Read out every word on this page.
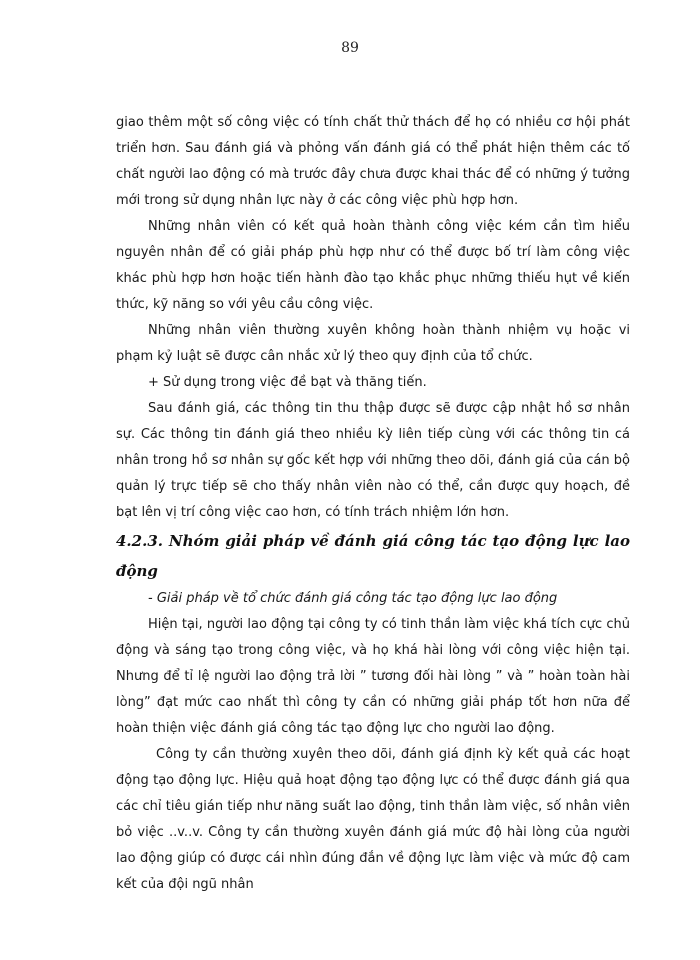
89

giao thêm một số công việc có tính chất thử thách để họ có nhiều cơ hội phát triển hơn. Sau đánh giá và phỏng vấn đánh giá có thể phát hiện thêm các tố chất người lao động có mà trước đây chưa được khai thác để có những ý tưởng mới trong sử dụng nhân lực này ở các công việc phù hợp hơn.

Những nhân viên có kết quả hoàn thành công việc kém cần tìm hiểu nguyên nhân để có giải pháp phù hợp như có thể được bố trí làm công việc khác phù hợp hơn hoặc tiến hành đào tạo khắc phục những thiếu hụt về kiến thức, kỹ năng so với yêu cầu công việc.

Những nhân viên thường xuyên không hoàn thành nhiệm vụ hoặc vi phạm kỷ luật sẽ được cân nhắc xử lý theo quy định của tổ chức.

+ Sử dụng trong việc đề bạt và thăng tiến.

Sau đánh giá, các thông tin thu thập được sẽ được cập nhật hồ sơ nhân sự. Các thông tin đánh giá theo nhiều kỳ liên tiếp cùng với các thông tin cá nhân trong hồ sơ nhân sự gốc kết hợp với những theo dõi, đánh giá của cán bộ quản lý trực tiếp sẽ cho thấy nhân viên nào có thể, cần được quy hoạch, đề bạt lên vị trí công việc cao hơn, có tính trách nhiệm lớn hơn.

4.2.3. Nhóm giải pháp về đánh giá công tác tạo động lực lao động

- Giải pháp về tổ chức đánh giá công tác tạo động lực lao động

Hiện tại, người lao động tại công ty có tinh thần làm việc khá tích cực chủ động và sáng tạo trong công việc, và họ khá hài lòng với công việc hiện tại. Nhưng để tỉ lệ người lao động trả lời ” tương đối hài lòng ” và ” hoàn toàn hài lòng” đạt mức cao nhất thì công ty cần có những giải pháp tốt hơn nữa để hoàn thiện việc đánh giá công tác tạo động lực cho người lao động.

Công ty cần thường xuyên theo dõi, đánh giá định kỳ kết quả các hoạt động tạo động lực. Hiệu quả hoạt động tạo động lực có thể được đánh giá qua các chỉ tiêu gián tiếp như năng suất lao động, tinh thần làm việc, số nhân viên bỏ việc ..v..v. Công ty cần thường xuyên đánh giá mức độ hài lòng của người lao động giúp có được cái nhìn đúng đắn về động lực làm việc và mức độ cam kết của đội ngũ nhân
